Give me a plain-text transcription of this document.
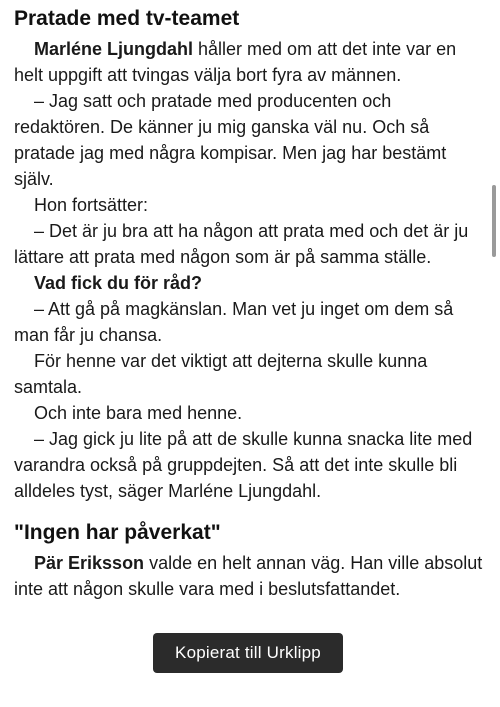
Pratade med tv-teamet

Marléne Ljungdahl håller med om att det inte var en helt uppgift att tvingas välja bort fyra av männen.

– Jag satt och pratade med producenten och redaktören. De känner ju mig ganska väl nu. Och så pratade jag med några kompisar. Men jag har bestämt själv.

Hon fortsätter:

– Det är ju bra att ha någon att prata med och det är ju lättare att prata med någon som är på samma ställe.

Vad fick du för råd?

– Att gå på magkänslan. Man vet ju inget om dem så man får ju chansa.

För henne var det viktigt att dejterna skulle kunna samtala.

Och inte bara med henne.

– Jag gick ju lite på att de skulle kunna snacka lite med varandra också på gruppdejten. Så att det inte skulle bli alldeles tyst, säger Marléne Ljungdahl.

"Ingen har påverkat"

Pär Eriksson valde en helt annan väg. Han ville absolut inte att någon skulle vara med i beslutsfattandet.

Kopierat till Urklipp
